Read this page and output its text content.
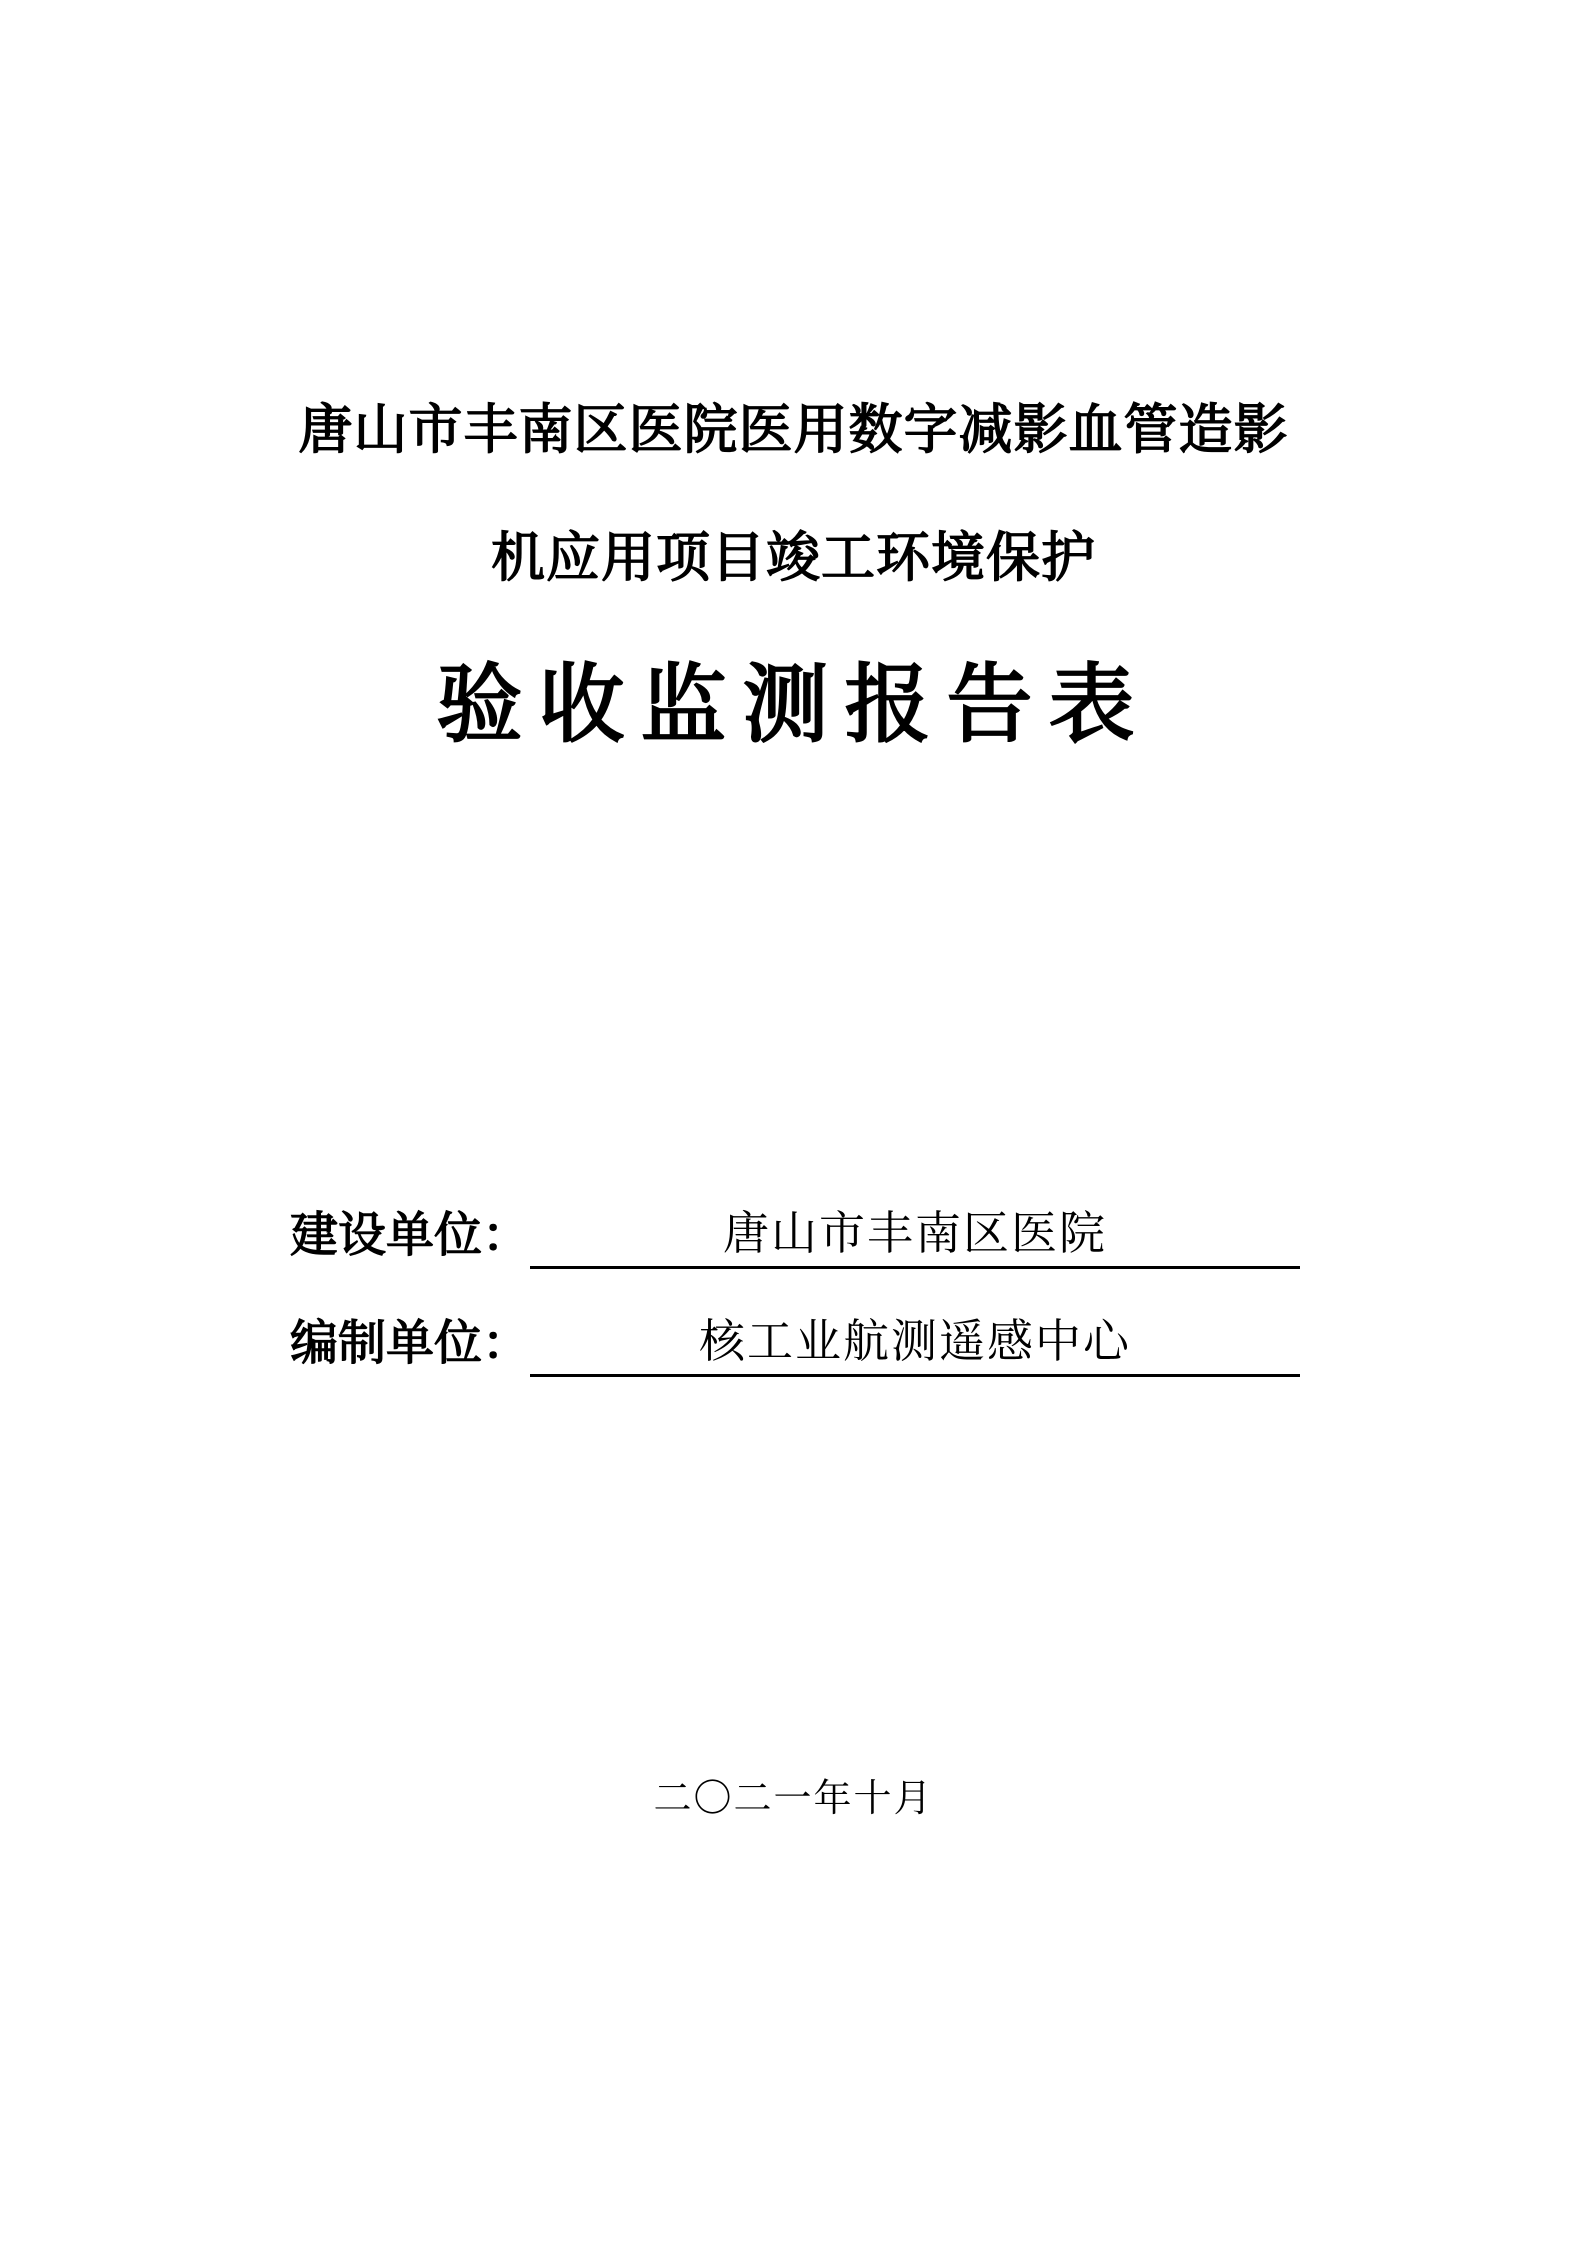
唐山市丰南区医院医用数字减影血管造影
机应用项目竣工环境保护
验收监测报告表
建设单位：	唐山市丰南区医院
编制单位：	核工业航测遥感中心
二〇二一年十月
